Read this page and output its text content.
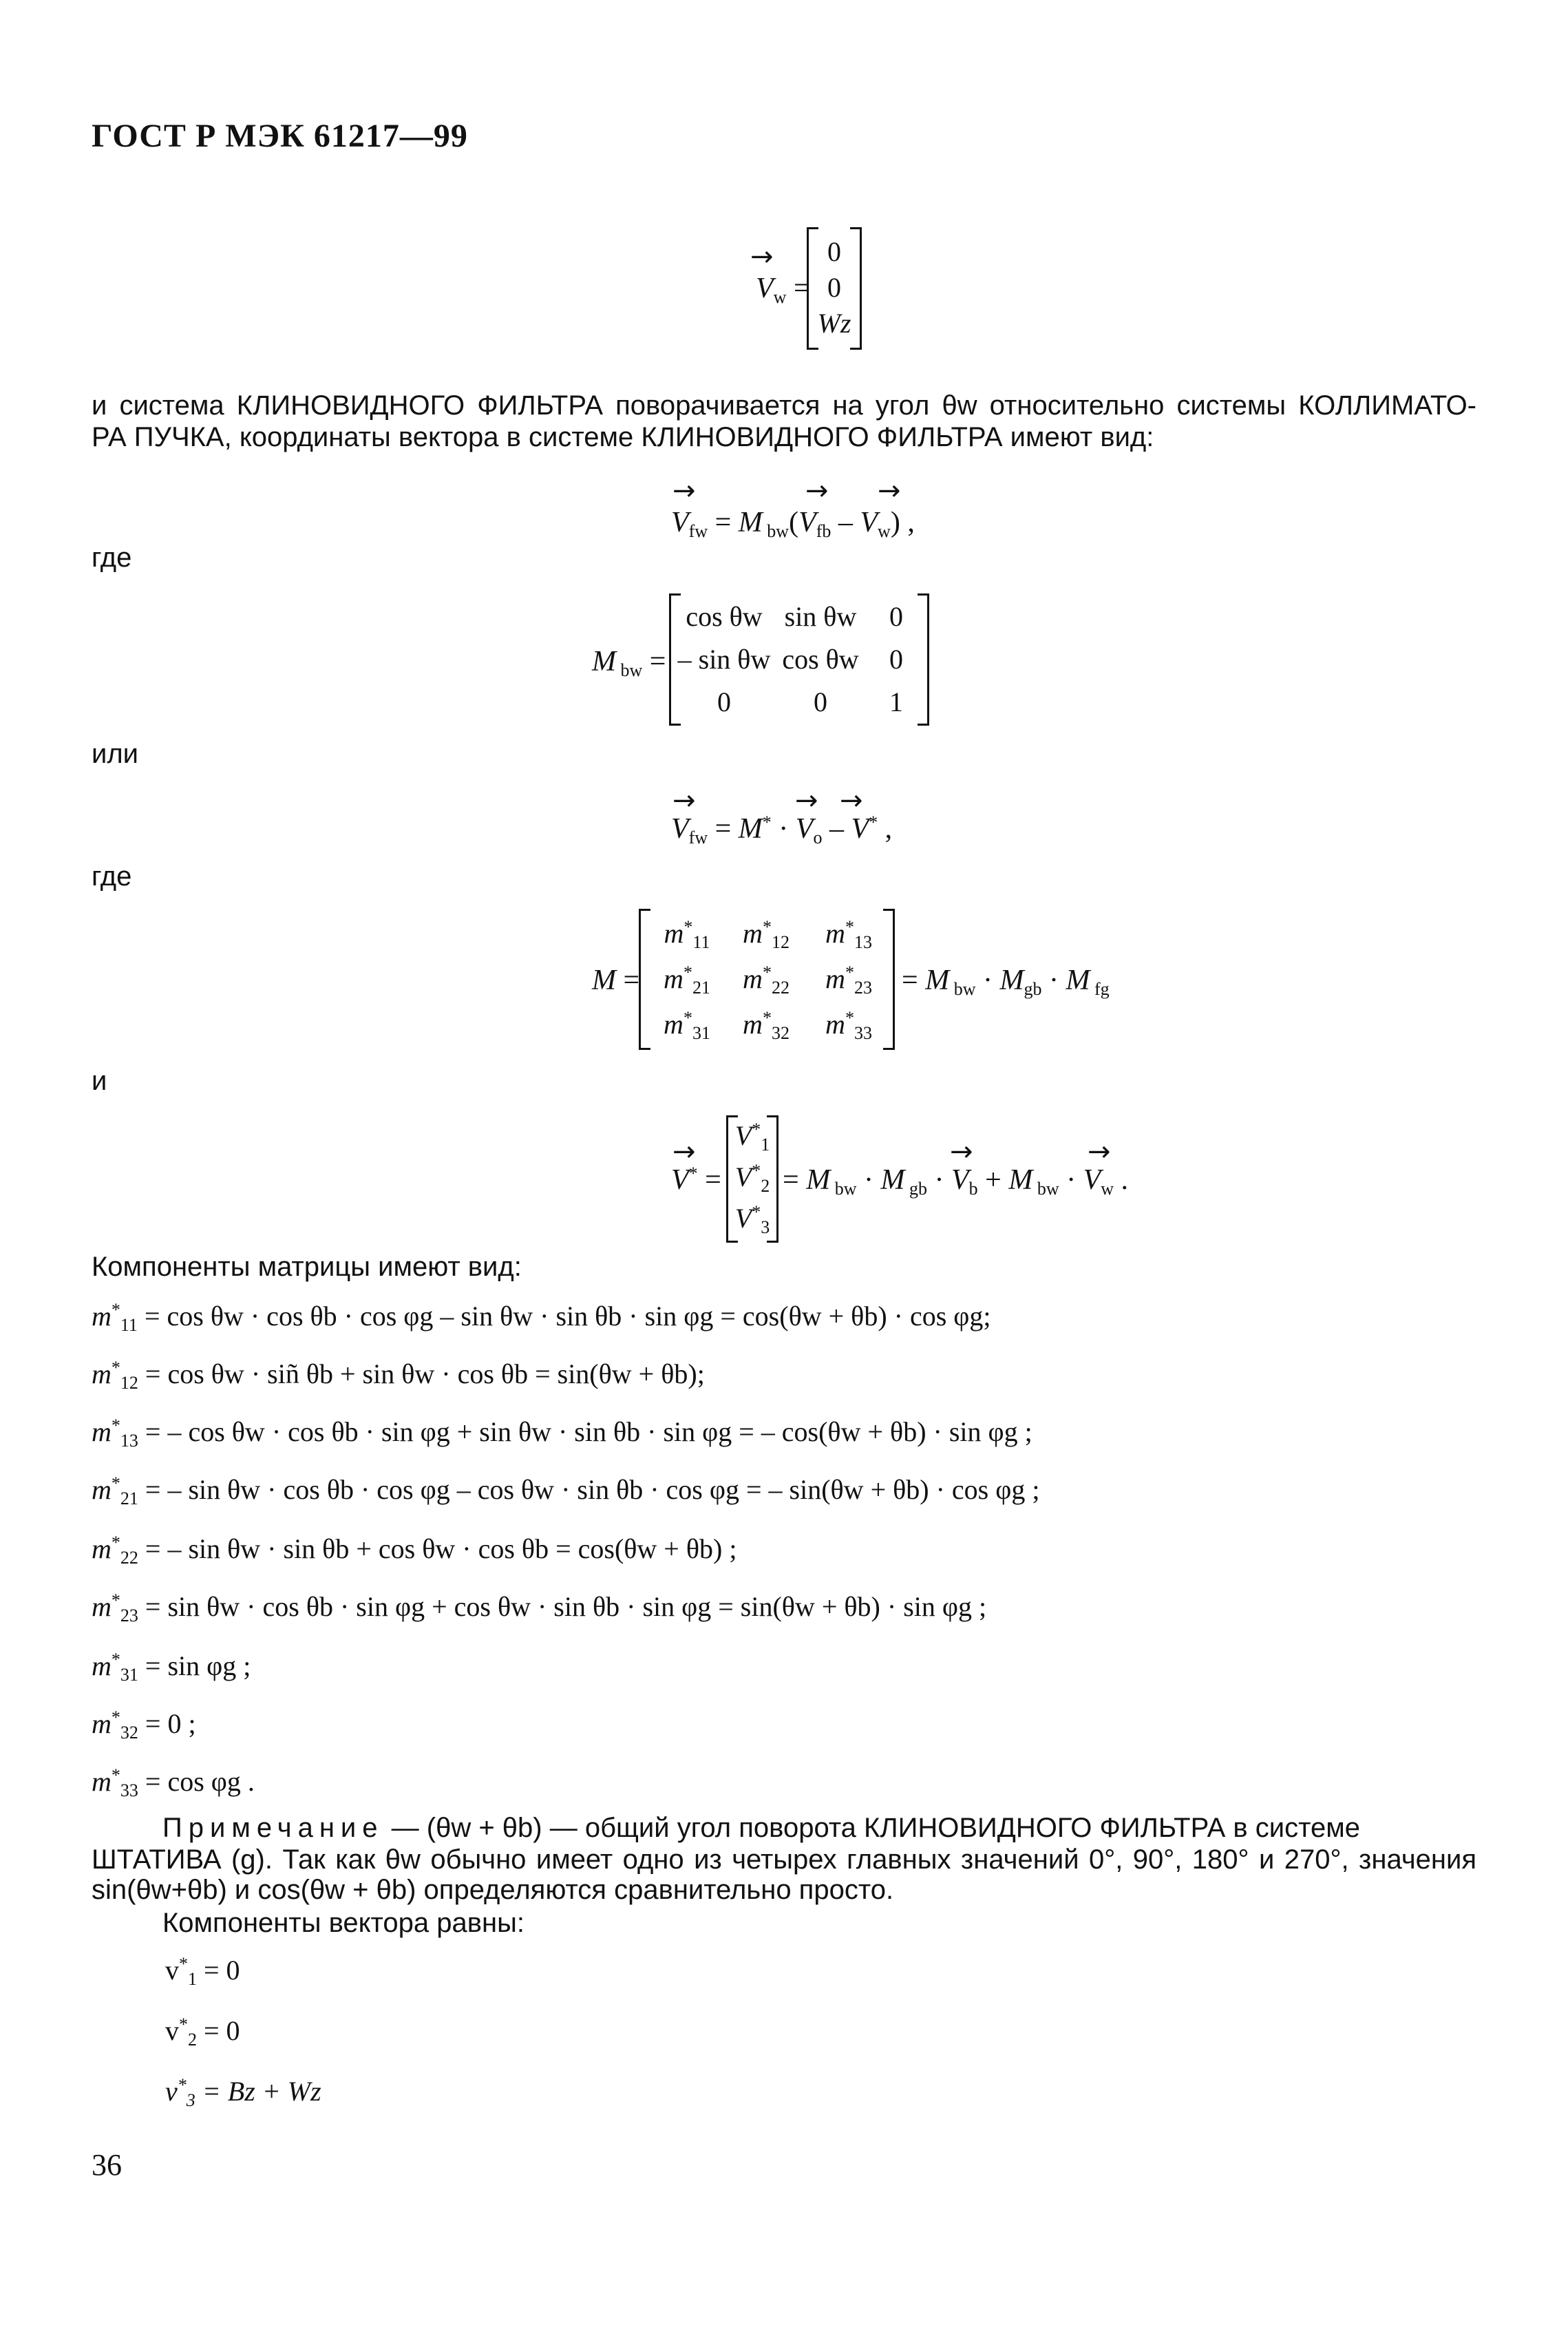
ГОСТ Р МЭК 61217—99
→
$V_w$ =
0
0
Wz
и система КЛИНОВИДНОГО ФИЛЬТРА поворачивается на угол θw относительно системы КОЛЛИМАТО-
РА ПУЧКА, координаты вектора в системе КЛИНОВИДНОГО ФИЛЬТРА имеют вид:
→	→ →
$V_{fw} = M$ $_{bw}(V_{fb} - V_w)$ ,
где
M $_{bw}$ =
cos θw sin θw	0
– sin θw cos θw	0
0	0	1
или
→	→ →
$V_{fw} = M^* \cdot V_o - V^*$ ,
где
M =
$m^*_{11}$	$m^*_{12}$	$m^*_{13}$
$m^*_{21}$	$m^*_{22}$	$m^*_{23}$
$m^*_{31}$	$m^*_{32}$	$m^*_{33}$
= M $_{bw} \cdot M_{gb} \cdot M$ $_{fg}$
и
→
V* =
$V^*_1$
$V^*_2$
$V^*_3$
→	→
= M $_{bw}$ · M $_{gb} \cdot V_b + M$ $_{bw} \cdot V_w$ .
Компоненты матрицы имеют вид:
$m^*_{11} = \cos \theta w \cdot \cos \theta b \cdot \cos \varphi g - \sin \theta w \cdot \sin \theta b \cdot \sin \varphi g = \cos(\theta w + \theta b) \cdot \cos \varphi g$;
$m^*_{12} = \cos \theta w$ · siñ θb + sin θw · cos θb = sin(θw + θb);
$m^*_{13}$ = – cos θw · cos θb · sin φg + sin θw · sin θb · sin φg = – cos(θw + θb) · sin φg ;
$m^*_{21}$ = – sin θw · cos θb · cos φg – cos θw · sin θb · cos φg = – sin(θw + θb) · cos φg ;
$m^*_{22}$ = – sin θw · sin θb + cos θw · cos θb = cos(θw + θb) ;
$m^*_{23} = \sin \theta w \cdot \cos \theta b \cdot \sin \varphi g + \cos \theta w \cdot \sin \theta b \cdot \sin \varphi g = \sin(\theta w + \theta b) \cdot \sin \varphi g$ ;
$m^*_{31} = \sin \varphi g$ ;
$m^*_{32} = 0$ ;
$m^*_{33} = \cos \varphi g$ .
Примечание — (θw + θb) — общий угол поворота КЛИНОВИДНОГО ФИЛЬТРА в системе
ШТАТИВА (g). Так как θw обычно имеет одно из четырех главных значений 0°, 90°, 180° и 270°, значения
sin(θw+θb) и cos(θw + θb) определяются сравнительно просто.
Компоненты вектора равны:
$v^*_1 = 0$
$v^*_2 = 0$
$v^*_3 = Bz + Wz$
36
